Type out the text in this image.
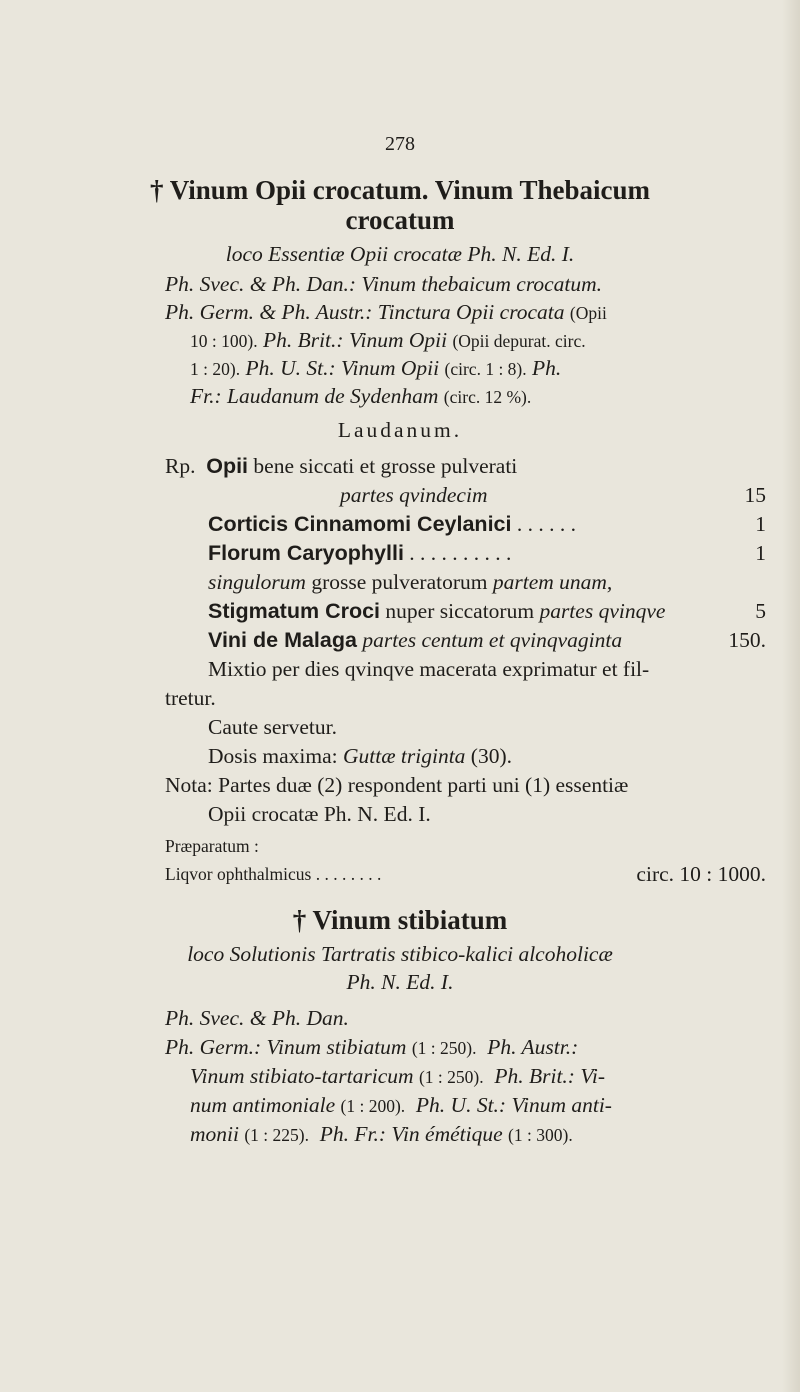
278
† Vinum Opii crocatum. Vinum Thebaicum
crocatum
loco Essentiæ Opii crocatæ Ph. N. Ed. I.
Ph. Svec. & Ph. Dan.: Vinum thebaicum crocatum.
Ph. Germ. & Ph. Austr.: Tinctura Opii crocata (Opii
10 : 100). Ph. Brit.: Vinum Opii (Opii depurat. circ.
1 : 20). Ph. U. St.: Vinum Opii (circ. 1 : 8). Ph.
Fr.: Laudanum de Sydenham (circ. 12 %).
Laudanum.
Rp. Opii bene siccati et grosse pulverati
partes qvindecim	15
Corticis Cinnamomi Ceylanici . . . . . .	1
Florum Caryophylli . . . . . . . . . .	1
singulorum grosse pulveratorum partem unam,
Stigmatum Croci nuper siccatorum partes qvinqve	5
Vini de Malaga partes centum et qvinqvaginta	150.
Mixtio per dies qvinqve macerata exprimatur et fil-
tretur.
Caute servetur.
Dosis maxima: Guttæ triginta (30).
Nota: Partes duæ (2) respondent parti uni (1) essentiæ
Opii crocatæ Ph. N. Ed. I.
Præparatum :
Liqvor ophthalmicus . . . . . . . .	circ. 10 : 1000.
† Vinum stibiatum
loco Solutionis Tartratis stibico-kalici alcoholicæ
Ph. N. Ed. I.
Ph. Svec. & Ph. Dan.
Ph. Germ.: Vinum stibiatum (1 : 250). Ph. Austr.:
Vinum stibiato-tartaricum (1 : 250). Ph. Brit.: Vi-
num antimoniale (1 : 200). Ph. U. St.: Vinum anti-
monii (1 : 225). Ph. Fr.: Vin émétique (1 : 300).
